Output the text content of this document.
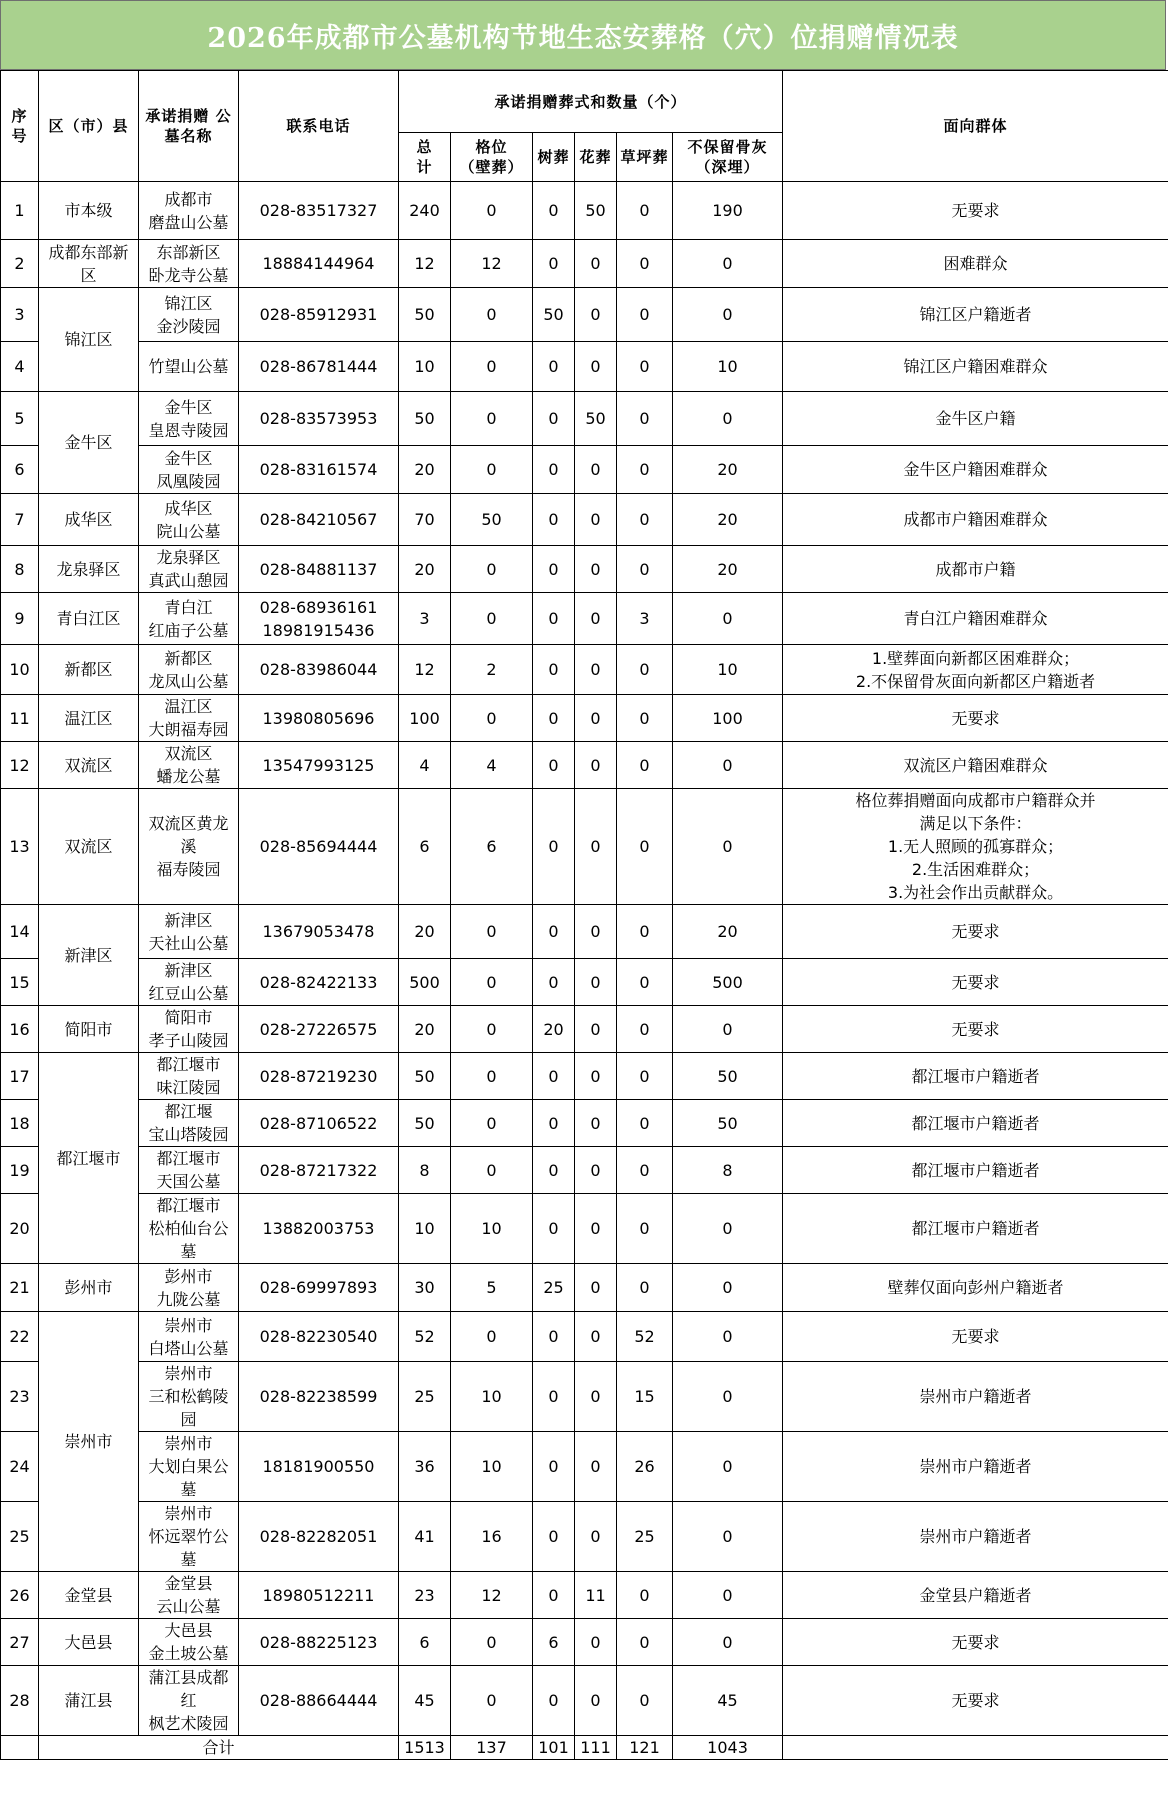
2026年成都市公墓机构节地生态安葬格（穴）位捐赠情况表
序
号	区（市）县	承诺捐赠 公
墓名称	联系电话	承诺捐赠葬式和数量（个）						面向群体
				总
计	格位
（壁葬）	树葬	花葬	草坪葬	不保留骨灰
（深埋）	
1	市本级	成都市
磨盘山公墓	028-83517327	240	0	0	50	0	190	无要求
2	成都东部新区	东部新区
卧龙寺公墓	18884144964	12	12	0	0	0	0	困难群众
3	锦江区	锦江区
金沙陵园	028-85912931	50	0	50	0	0	0	锦江区户籍逝者
4		竹望山公墓	028-86781444	10	0	0	0	0	10	锦江区户籍困难群众
5	金牛区	金牛区
皇恩寺陵园	028-83573953	50	0	0	50	0	0	金牛区户籍
6		金牛区
凤凰陵园	028-83161574	20	0	0	0	0	20	金牛区户籍困难群众
7	成华区	成华区
院山公墓	028-84210567	70	50	0	0	0	20	成都市户籍困难群众
8	龙泉驿区	龙泉驿区
真武山憩园	028-84881137	20	0	0	0	0	20	成都市户籍
9	青白江区	青白江
红庙子公墓	028-68936161
18981915436	3	0	0	0	3	0	青白江户籍困难群众
10	新都区	新都区
龙凤山公墓	028-83986044	12	2	0	0	0	10	1.壁葬面向新都区困难群众；
2.不保留骨灰面向新都区户籍逝者
11	温江区	温江区
大朗福寿园	13980805696	100	0	0	0	0	100	无要求
12	双流区	双流区
蟠龙公墓	13547993125	4	4	0	0	0	0	双流区户籍困难群众
13	双流区	双流区黄龙溪
福寿陵园	028-85694444	6	6	0	0	0	0	格位葬捐赠面向成都市户籍群众并
满足以下条件：
1.无人照顾的孤寡群众；
2.生活困难群众；
3.为社会作出贡献群众。
14	新津区	新津区
天社山公墓	13679053478	20	0	0	0	0	20	无要求
15		新津区
红豆山公墓	028-82422133	500	0	0	0	0	500	无要求
16	简阳市	简阳市
孝子山陵园	028-27226575	20	0	20	0	0	0	无要求
17	都江堰市	都江堰市
味江陵园	028-87219230	50	0	0	0	0	50	都江堰市户籍逝者
18		都江堰
宝山塔陵园	028-87106522	50	0	0	0	0	50	都江堰市户籍逝者
19		都江堰市
天国公墓	028-87217322	8	0	0	0	0	8	都江堰市户籍逝者
20		都江堰市
松柏仙台公墓	13882003753	10	10	0	0	0	0	都江堰市户籍逝者
21	彭州市	彭州市
九陇公墓	028-69997893	30	5	25	0	0	0	壁葬仅面向彭州户籍逝者
22	崇州市	崇州市
白塔山公墓	028-82230540	52	0	0	0	52	0	无要求
23		崇州市
三和松鹤陵园	028-82238599	25	10	0	0	15	0	崇州市户籍逝者
24		崇州市
大划白果公墓	18181900550	36	10	0	0	26	0	崇州市户籍逝者
25		崇州市
怀远翠竹公墓	028-82282051	41	16	0	0	25	0	崇州市户籍逝者
26	金堂县	金堂县
云山公墓	18980512211	23	12	0	11	0	0	金堂县户籍逝者
27	大邑县	大邑县
金土坡公墓	028-88225123	6	0	6	0	0	0	无要求
28	蒲江县	蒲江县成都红
枫艺术陵园	028-88664444	45	0	0	0	0	45	无要求
	合计			1513	137	101	111	121	1043	
